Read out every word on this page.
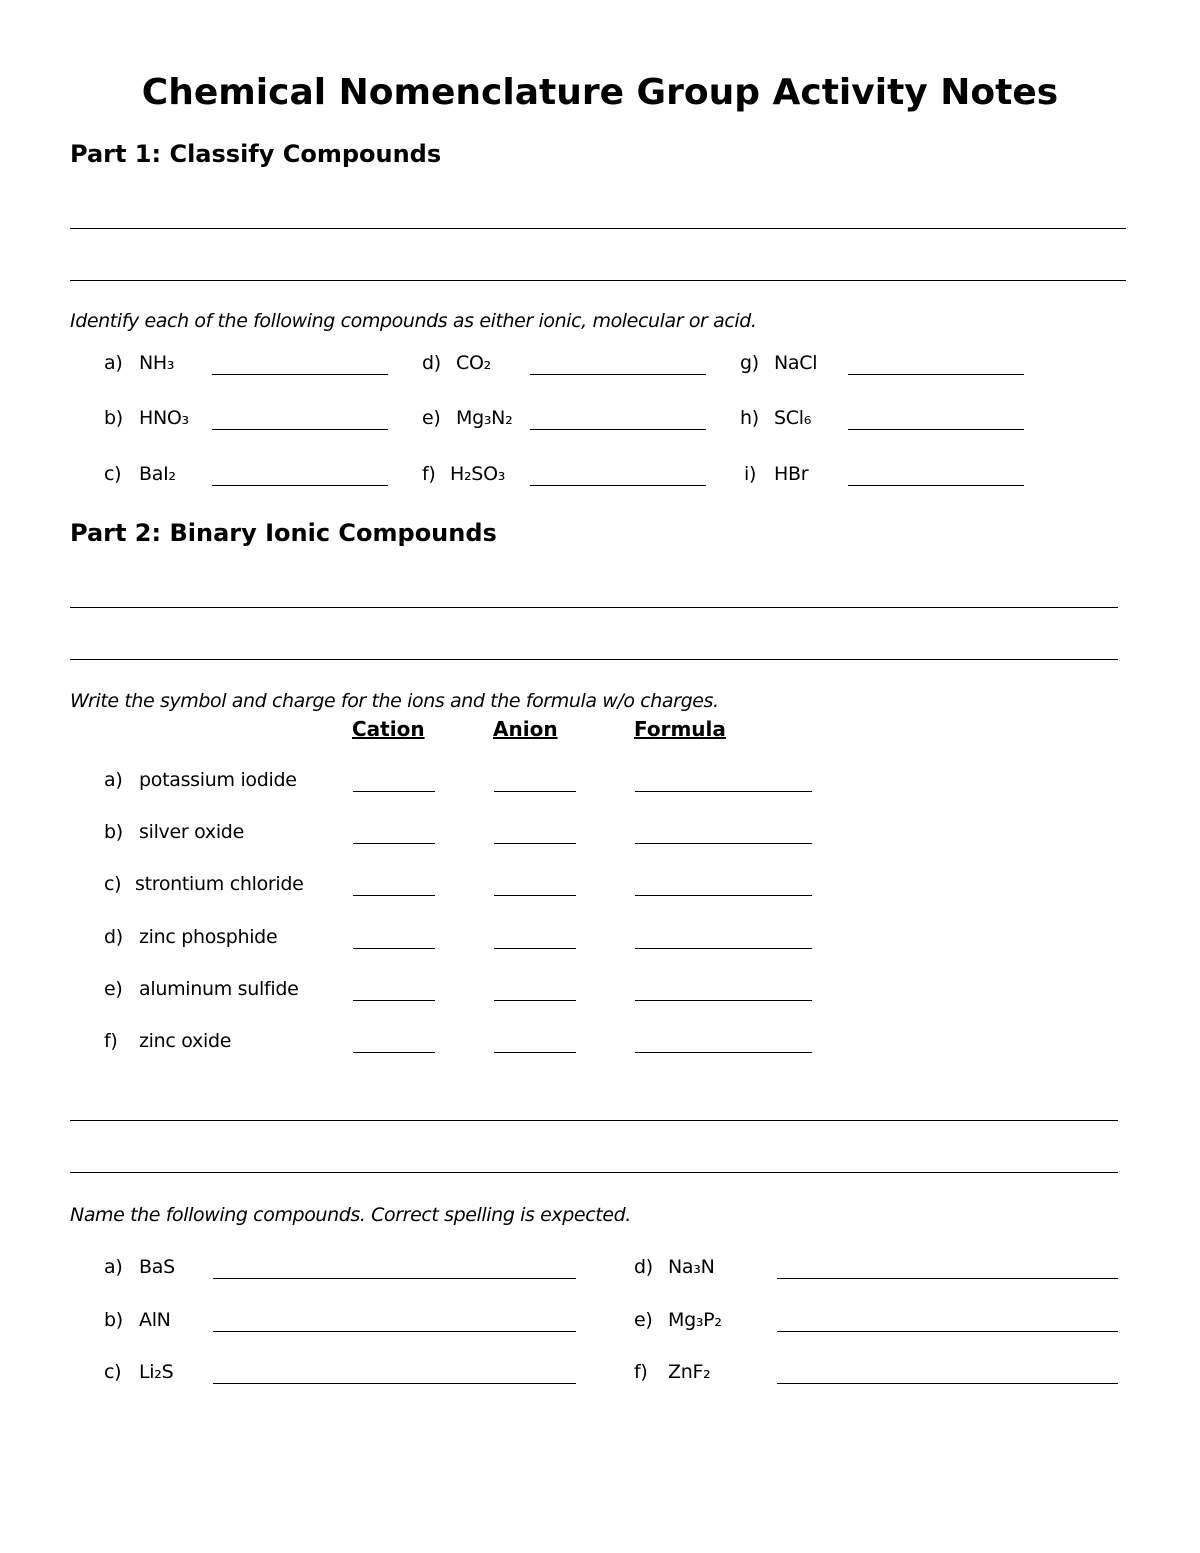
Chemical Nomenclature Group Activity Notes
Part 1: Classify Compounds
Identify each of the following compounds as either ionic, molecular or acid.
a) NH₃
b) HNO₃
c) BaI₂
d) CO₂
e) Mg₃N₂
f) H₂SO₃
g) NaCl
h) SCl₆
i) HBr
Part 2: Binary Ionic Compounds
Write the symbol and charge for the ions and the formula w/o charges.
Cation	Anion	Formula
a) potassium iodide
b) silver oxide
c) strontium chloride
d) zinc phosphide
e) aluminum sulfide
f) zinc oxide
Name the following compounds. Correct spelling is expected.
a) BaS
b) AlN
c) Li₂S
d) Na₃N
e) Mg₃P₂
f) ZnF₂
